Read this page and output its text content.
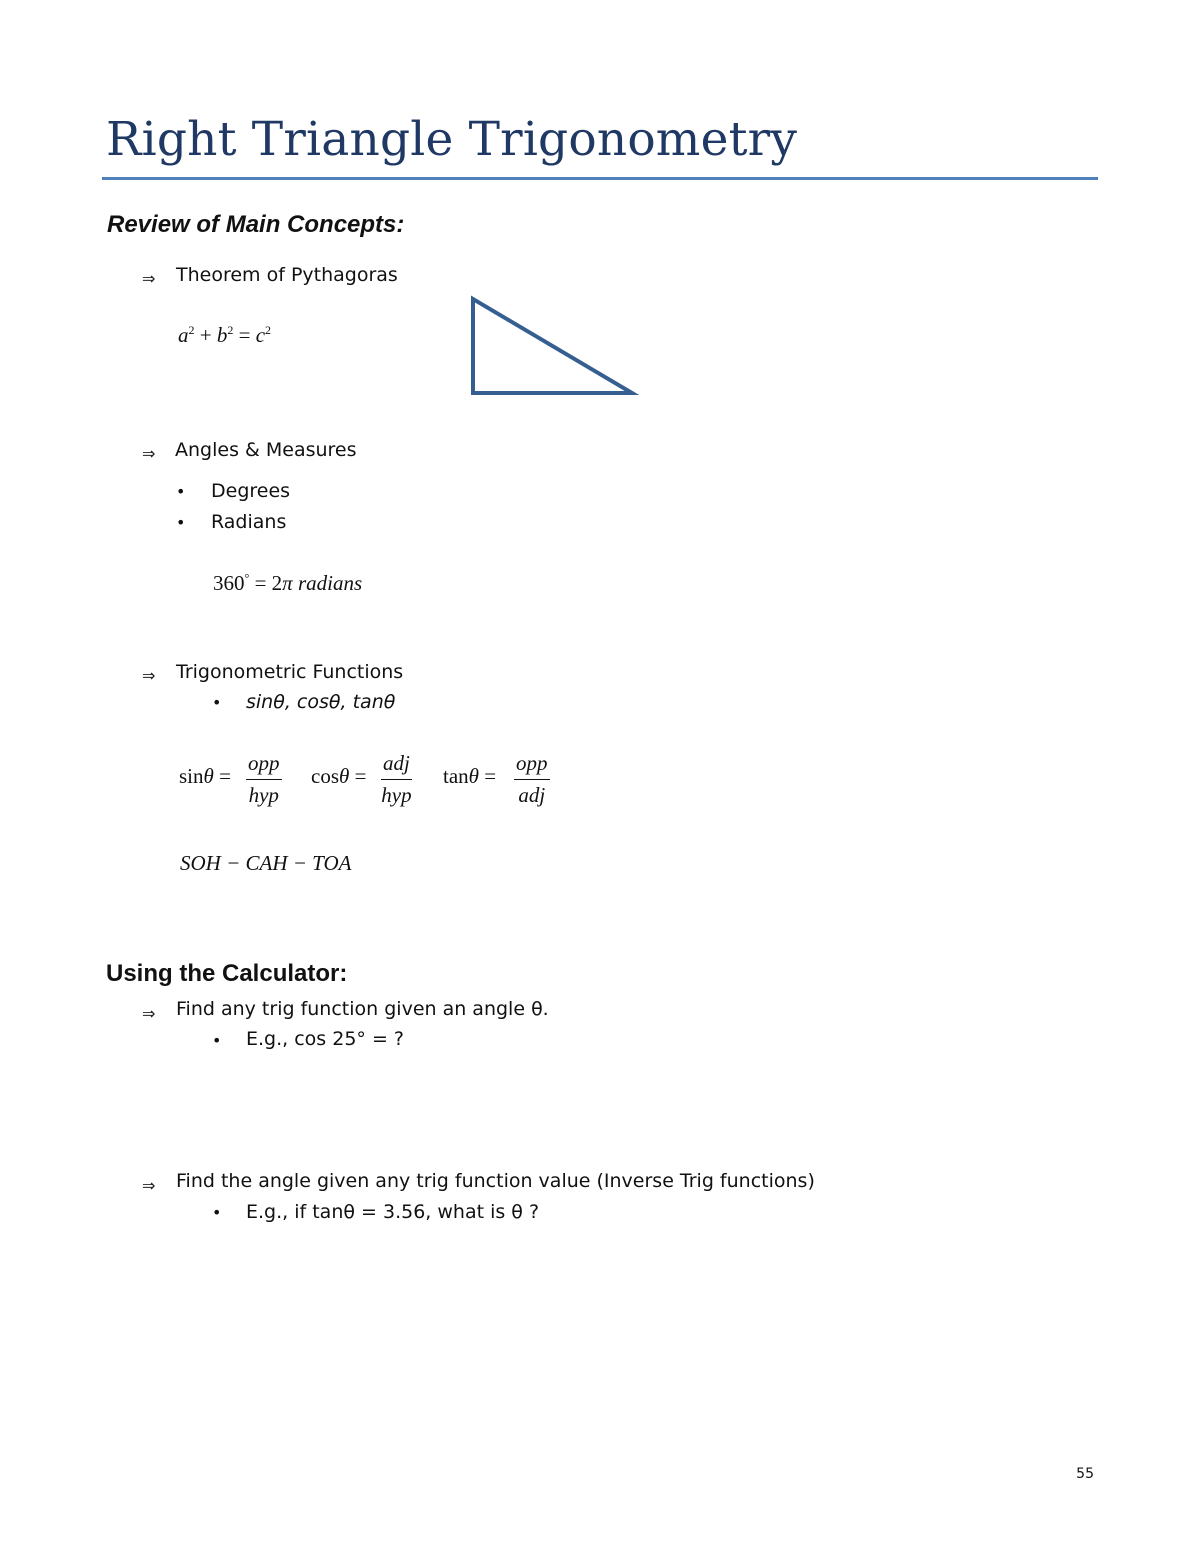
Right Triangle Trigonometry
Review of Main Concepts:
⇒ Theorem of Pythagoras
$a^2 + b^2 = c^2$
⇒ Angles & Measures
• Degrees
• Radians
360° = 2π radians
⇒ Trigonometric Functions
• sinθ, cosθ, tanθ
sinθ =
opp
hyp
cosθ =
adj
hyp
tanθ =
opp
adj
SOH − CAH − TOA
Using the Calculator:
⇒ Find any trig function given an angle θ.
• E.g., cos 25° = ?
⇒ Find the angle given any trig function value (Inverse Trig functions)
• E.g., if tanθ = 3.56, what is θ ?
55
